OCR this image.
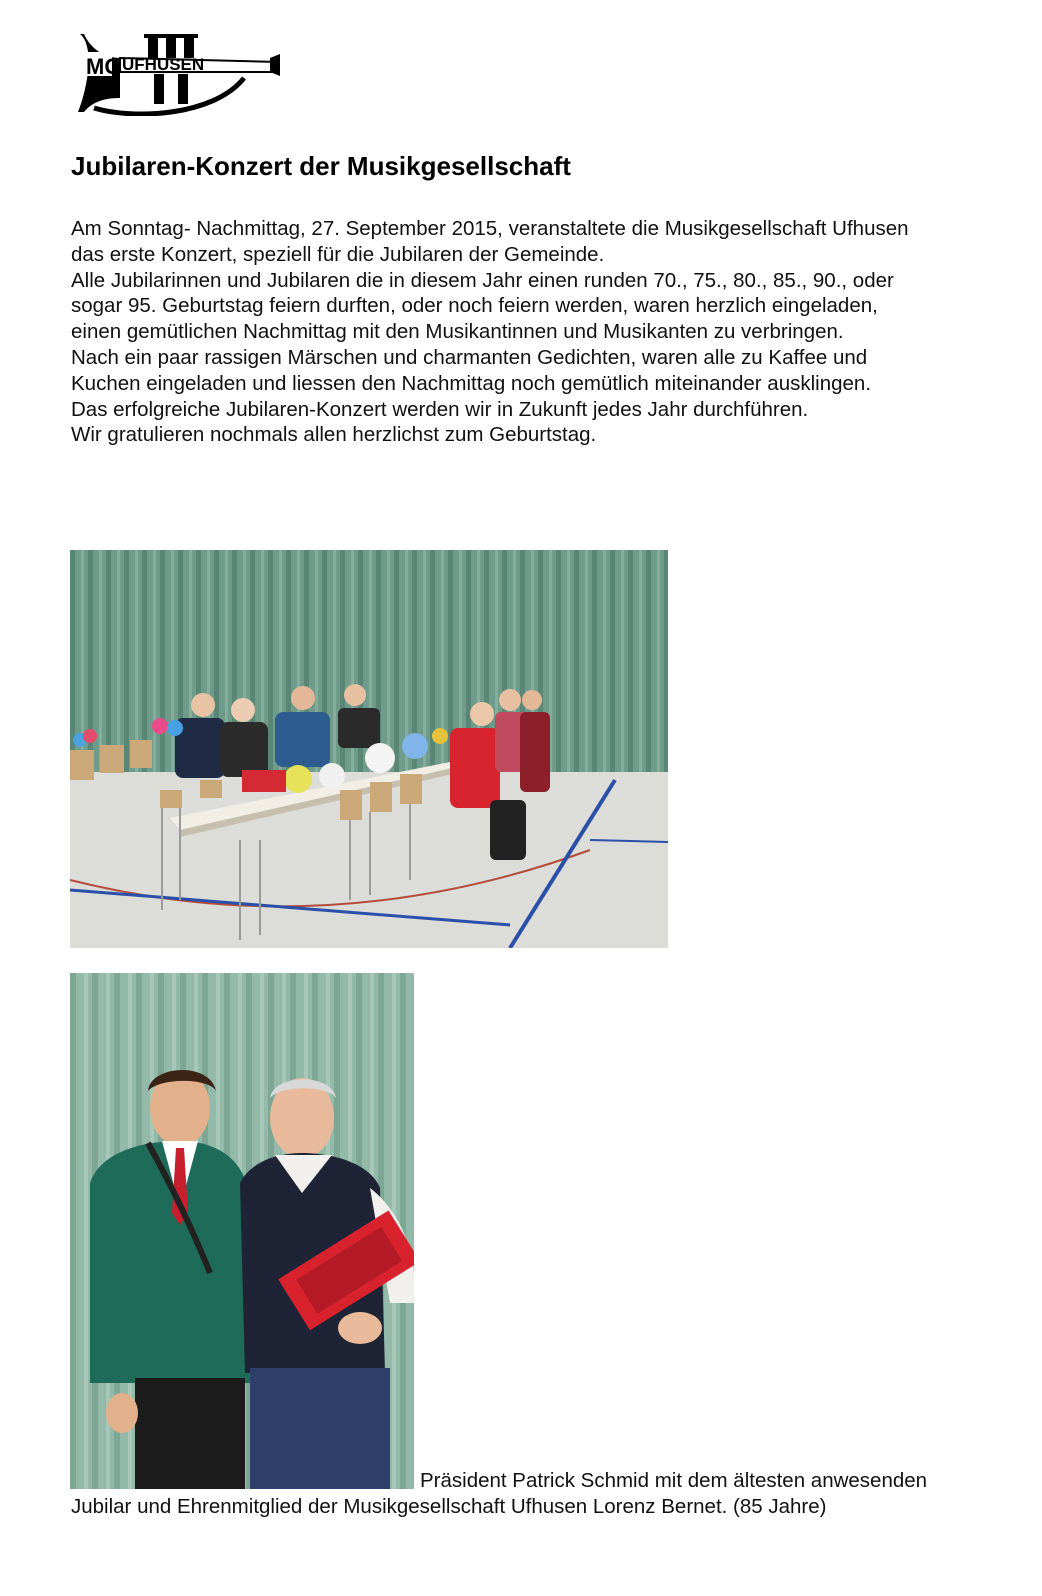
MG UFHUSEN
Jubilaren-Konzert der Musikgesellschaft
Am Sonntag- Nachmittag, 27. September 2015, veranstaltete die Musikgesellschaft Ufhusen
das erste Konzert, speziell für die Jubilaren der Gemeinde.
Alle Jubilarinnen und Jubilaren die in diesem Jahr einen runden 70., 75., 80., 85., 90., oder
sogar 95. Geburtstag feiern durften, oder noch feiern werden, waren herzlich eingeladen,
einen gemütlichen Nachmittag mit den Musikantinnen und Musikanten zu verbringen.
Nach ein paar rassigen Märschen und charmanten Gedichten, waren alle zu Kaffee und
Kuchen eingeladen und liessen den Nachmittag noch gemütlich miteinander ausklingen.
Das erfolgreiche Jubilaren-Konzert werden wir in Zukunft jedes Jahr durchführen.
Wir gratulieren nochmals allen herzlichst zum Geburtstag.
Präsident Patrick Schmid mit dem ältesten anwesenden
Jubilar und Ehrenmitglied der Musikgesellschaft Ufhusen Lorenz Bernet. (85 Jahre)
